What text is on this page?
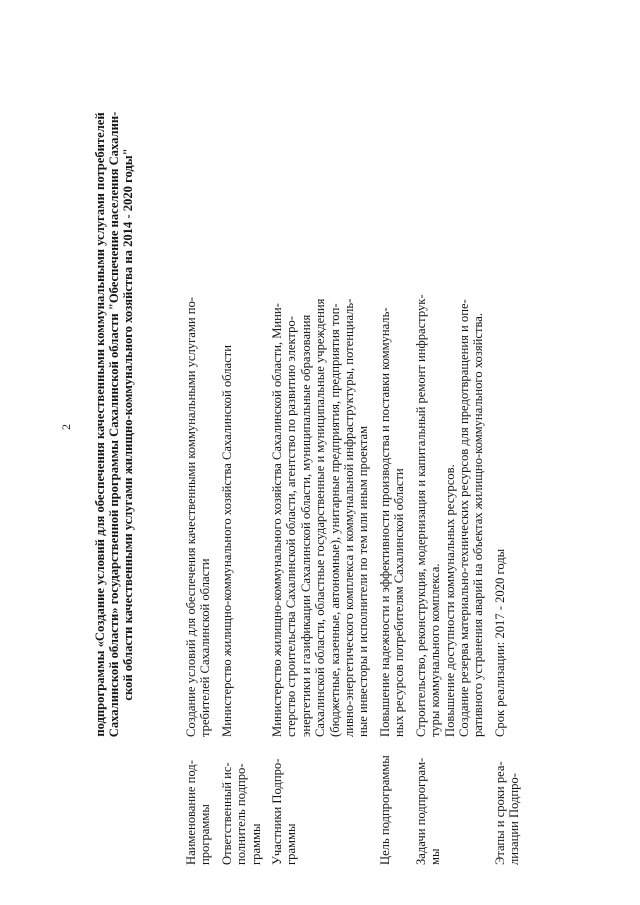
2 подпрограммы «Создание условий для обеспечения качественными коммунальными услугами потребителей Сахалинской области» государственной программы Сахалинской области "Обеспечение населения Сахалин- ской области качественными услугами жилищно-коммунального хозяйства на 2014 - 2020 годы"
Наименование под- программы
Создание условий для обеспечения качественными коммунальными услугами по- требителей Сахалинской области
Ответственный ис- полнитель подпро- граммы
Министерство жилищно-коммунального хозяйства Сахалинской области
Участники Подпро- граммы
Министерство жилищно-коммунального хозяйства Сахалинской области, Мини- стерство строительства Сахалинской области, агентство по развитию электро- энергетики и газификации Сахалинской области, муниципальные образования Сахалинской области, областные государственные и муниципальные учреждения (бюджетные, казенные, автономные), унитарные предприятия, предприятия топ- ливно-энергетического комплекса и коммунальной инфраструктуры, потенциаль- ные инвесторы и исполнители по тем или иным проектам
Цель подпрограммы
Повышение надежности и эффективности производства и поставки коммуналь- ных ресурсов потребителям Сахалинской области
Задачи подпрограм- мы
Строительство, реконструкция, модернизация и капитальный ремонт инфраструк- туры коммунального комплекса. Повышение доступности коммунальных ресурсов. Создание резерва материально-технических ресурсов для предотвращения и опе- ративного устранения аварий на объектах жилищно-коммунального хозяйства.
Этапы и сроки реа- лизации Подпро-
Срок реализации: 2017 - 2020 годы
